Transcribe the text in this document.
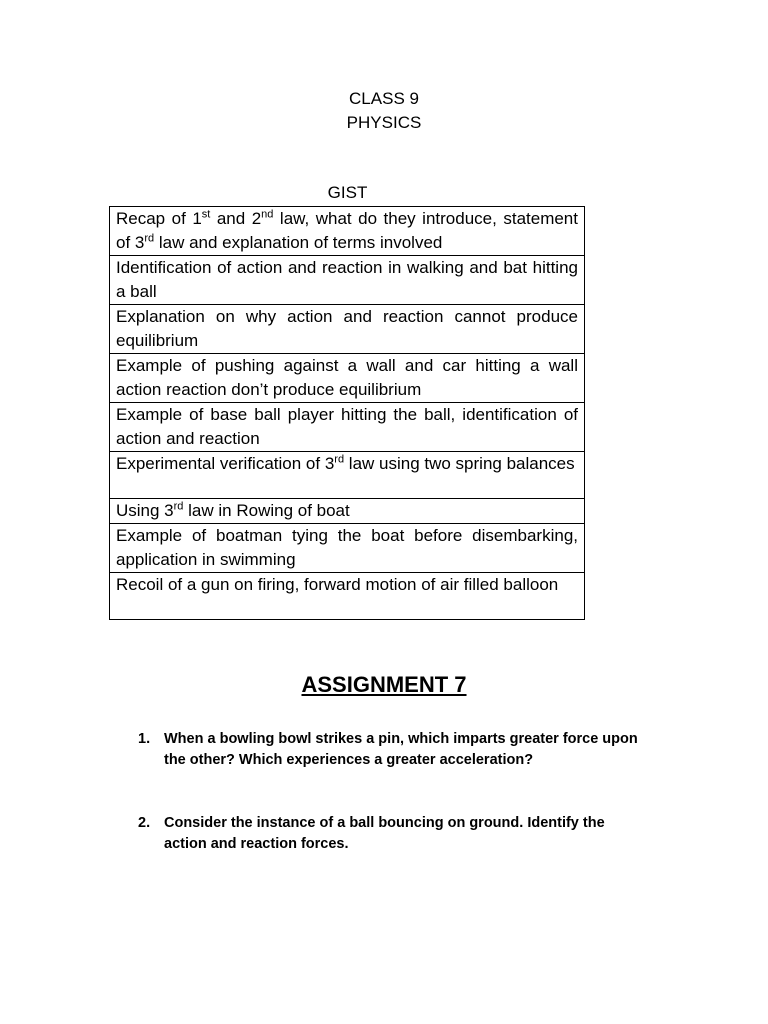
CLASS 9
PHYSICS
GIST
Recap of 1st and 2nd law, what do they introduce, statement of 3rd law and explanation of terms involved
Identification of action and reaction in walking and bat hitting a ball
Explanation on why action and reaction cannot produce equilibrium
Example of pushing against a wall and car hitting a wall action reaction don’t produce equilibrium
Example of base ball player hitting the ball, identification of action and reaction
Experimental verification of 3rd law using two spring balances
Using 3rd law in Rowing of boat
Example of boatman tying the boat before disembarking, application in swimming
Recoil of a gun on firing, forward motion of air filled balloon
ASSIGNMENT 7
1. When a bowling bowl strikes a pin, which imparts greater force upon the other? Which experiences a greater acceleration?
2. Consider the instance of a ball bouncing on ground. Identify the action and reaction forces.
